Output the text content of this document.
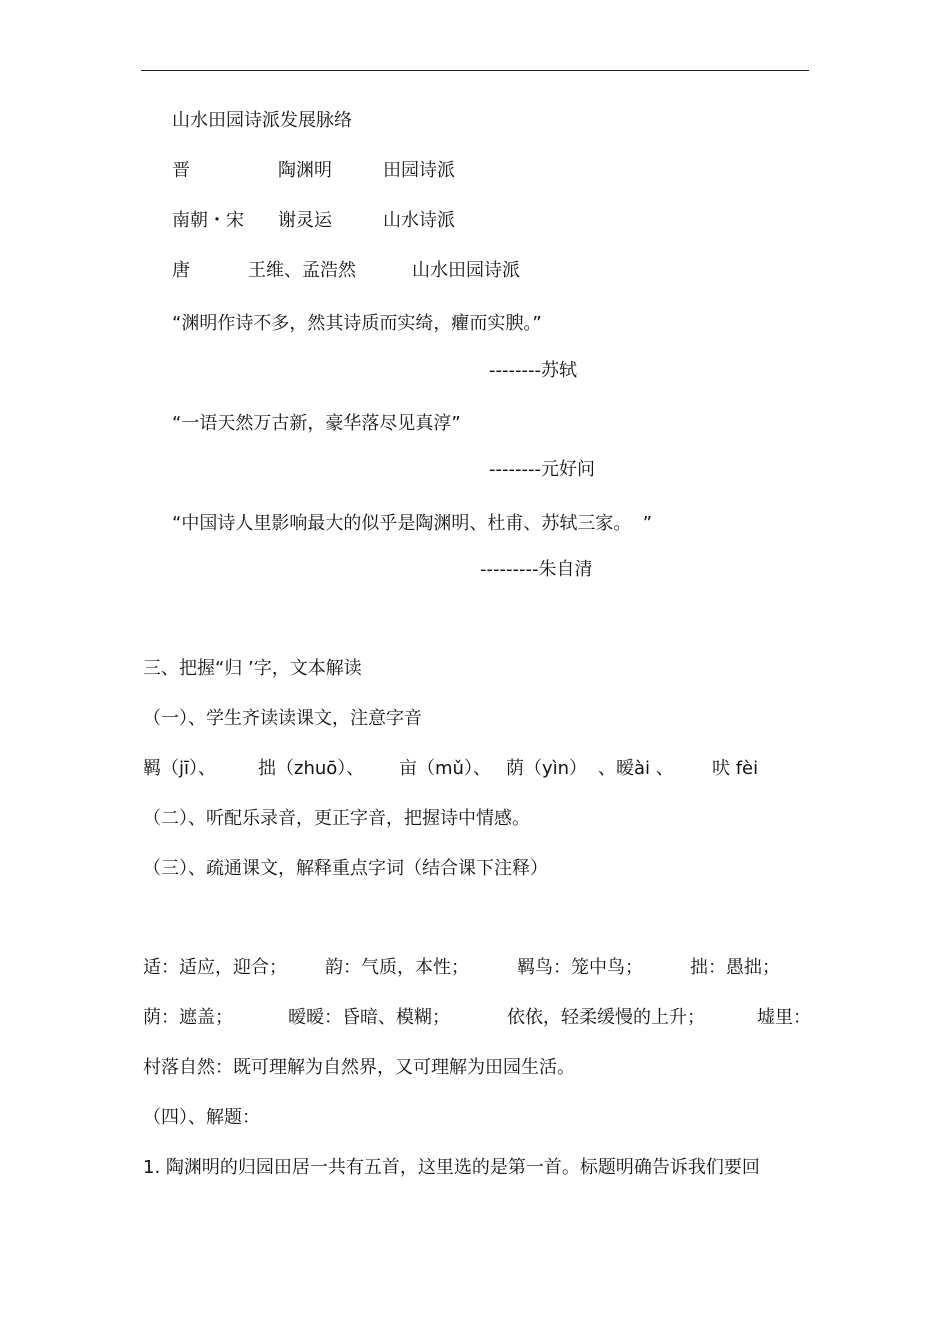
山水田园诗派发展脉络
晋	陶渊明	田园诗派
南朝・宋 谢灵运	山水诗派
唐	王维、孟浩然	山水田园诗派
“渊明作诗不多，然其诗质而实绮，癯而实腴。”
--------苏轼
“一语天然万古新，豪华落尽见真淳”
--------元好问
“中国诗人里影响最大的似乎是陶渊明、杜甫、苏轼三家。  ”
---------朱自清
三、把握“归 ’字，文本解读
（一）、学生齐读读课文，注意字音
羁（jī）、 拙（zhuō）、 亩（mǔ）、 荫（yìn） 、暧ài 、 吠 fèi
（二）、听配乐录音，更正字音，把握诗中情感。
（三）、疏通课文，解释重点字词（结合课下注释）
适：适应，迎合； 韵：气质，本性；	羁鸟：笼中鸟；	拙：愚拙；
荫：遮盖；	暧暧：昏暗、模糊；	依依，轻柔缓慢的上升；	墟里：
村落自然：既可理解为自然界，又可理解为田园生活。
（四）、解题：
1. 陶渊明的归园田居一共有五首，这里选的是第一首。标题明确告诉我们要回
